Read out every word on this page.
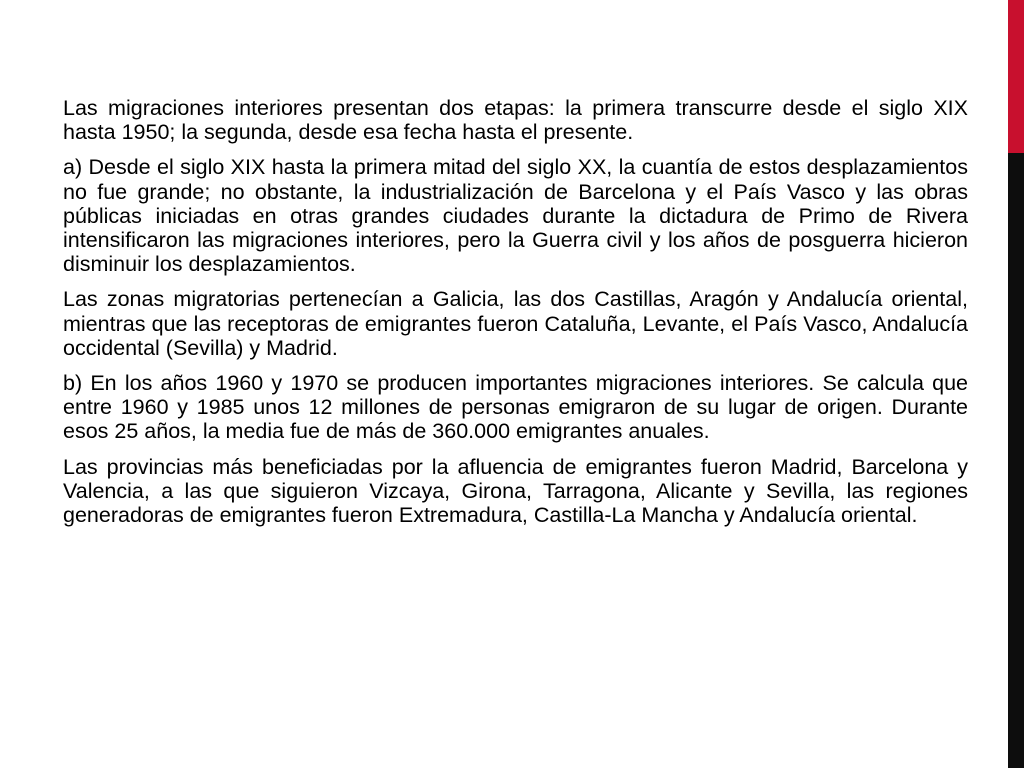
Las migraciones interiores presentan dos etapas: la primera transcurre desde el siglo XIX hasta 1950; la segunda, desde esa fecha hasta el presente.

a) Desde el siglo XIX hasta la primera mitad del siglo XX, la cuantía de estos desplazamientos no fue grande; no obstante, la industrialización de Barcelona y el País Vasco y las obras públicas iniciadas en otras grandes ciudades durante la dictadura de Primo de Rivera intensificaron las migraciones interiores, pero la Guerra civil y los años de posguerra hicieron disminuir los desplazamientos.

Las zonas migratorias pertenecían a Galicia, las dos Castillas, Aragón y Andalucía oriental, mientras que las receptoras de emigrantes fueron Cataluña, Levante, el País Vasco, Andalucía occidental (Sevilla) y Madrid.

b) En los años 1960 y 1970 se producen importantes migraciones interiores. Se calcula que entre 1960 y 1985 unos 12 millones de personas emigraron de su lugar de origen. Durante esos 25 años, la media fue de más de 360.000 emigrantes anuales.

Las provincias más beneficiadas por la afluencia de emigrantes fueron Madrid, Barcelona y Valencia, a las que siguieron Vizcaya, Girona, Tarragona, Alicante y Sevilla, las regiones generadoras de emigrantes fueron Extremadura, Castilla-La Mancha y Andalucía oriental.
